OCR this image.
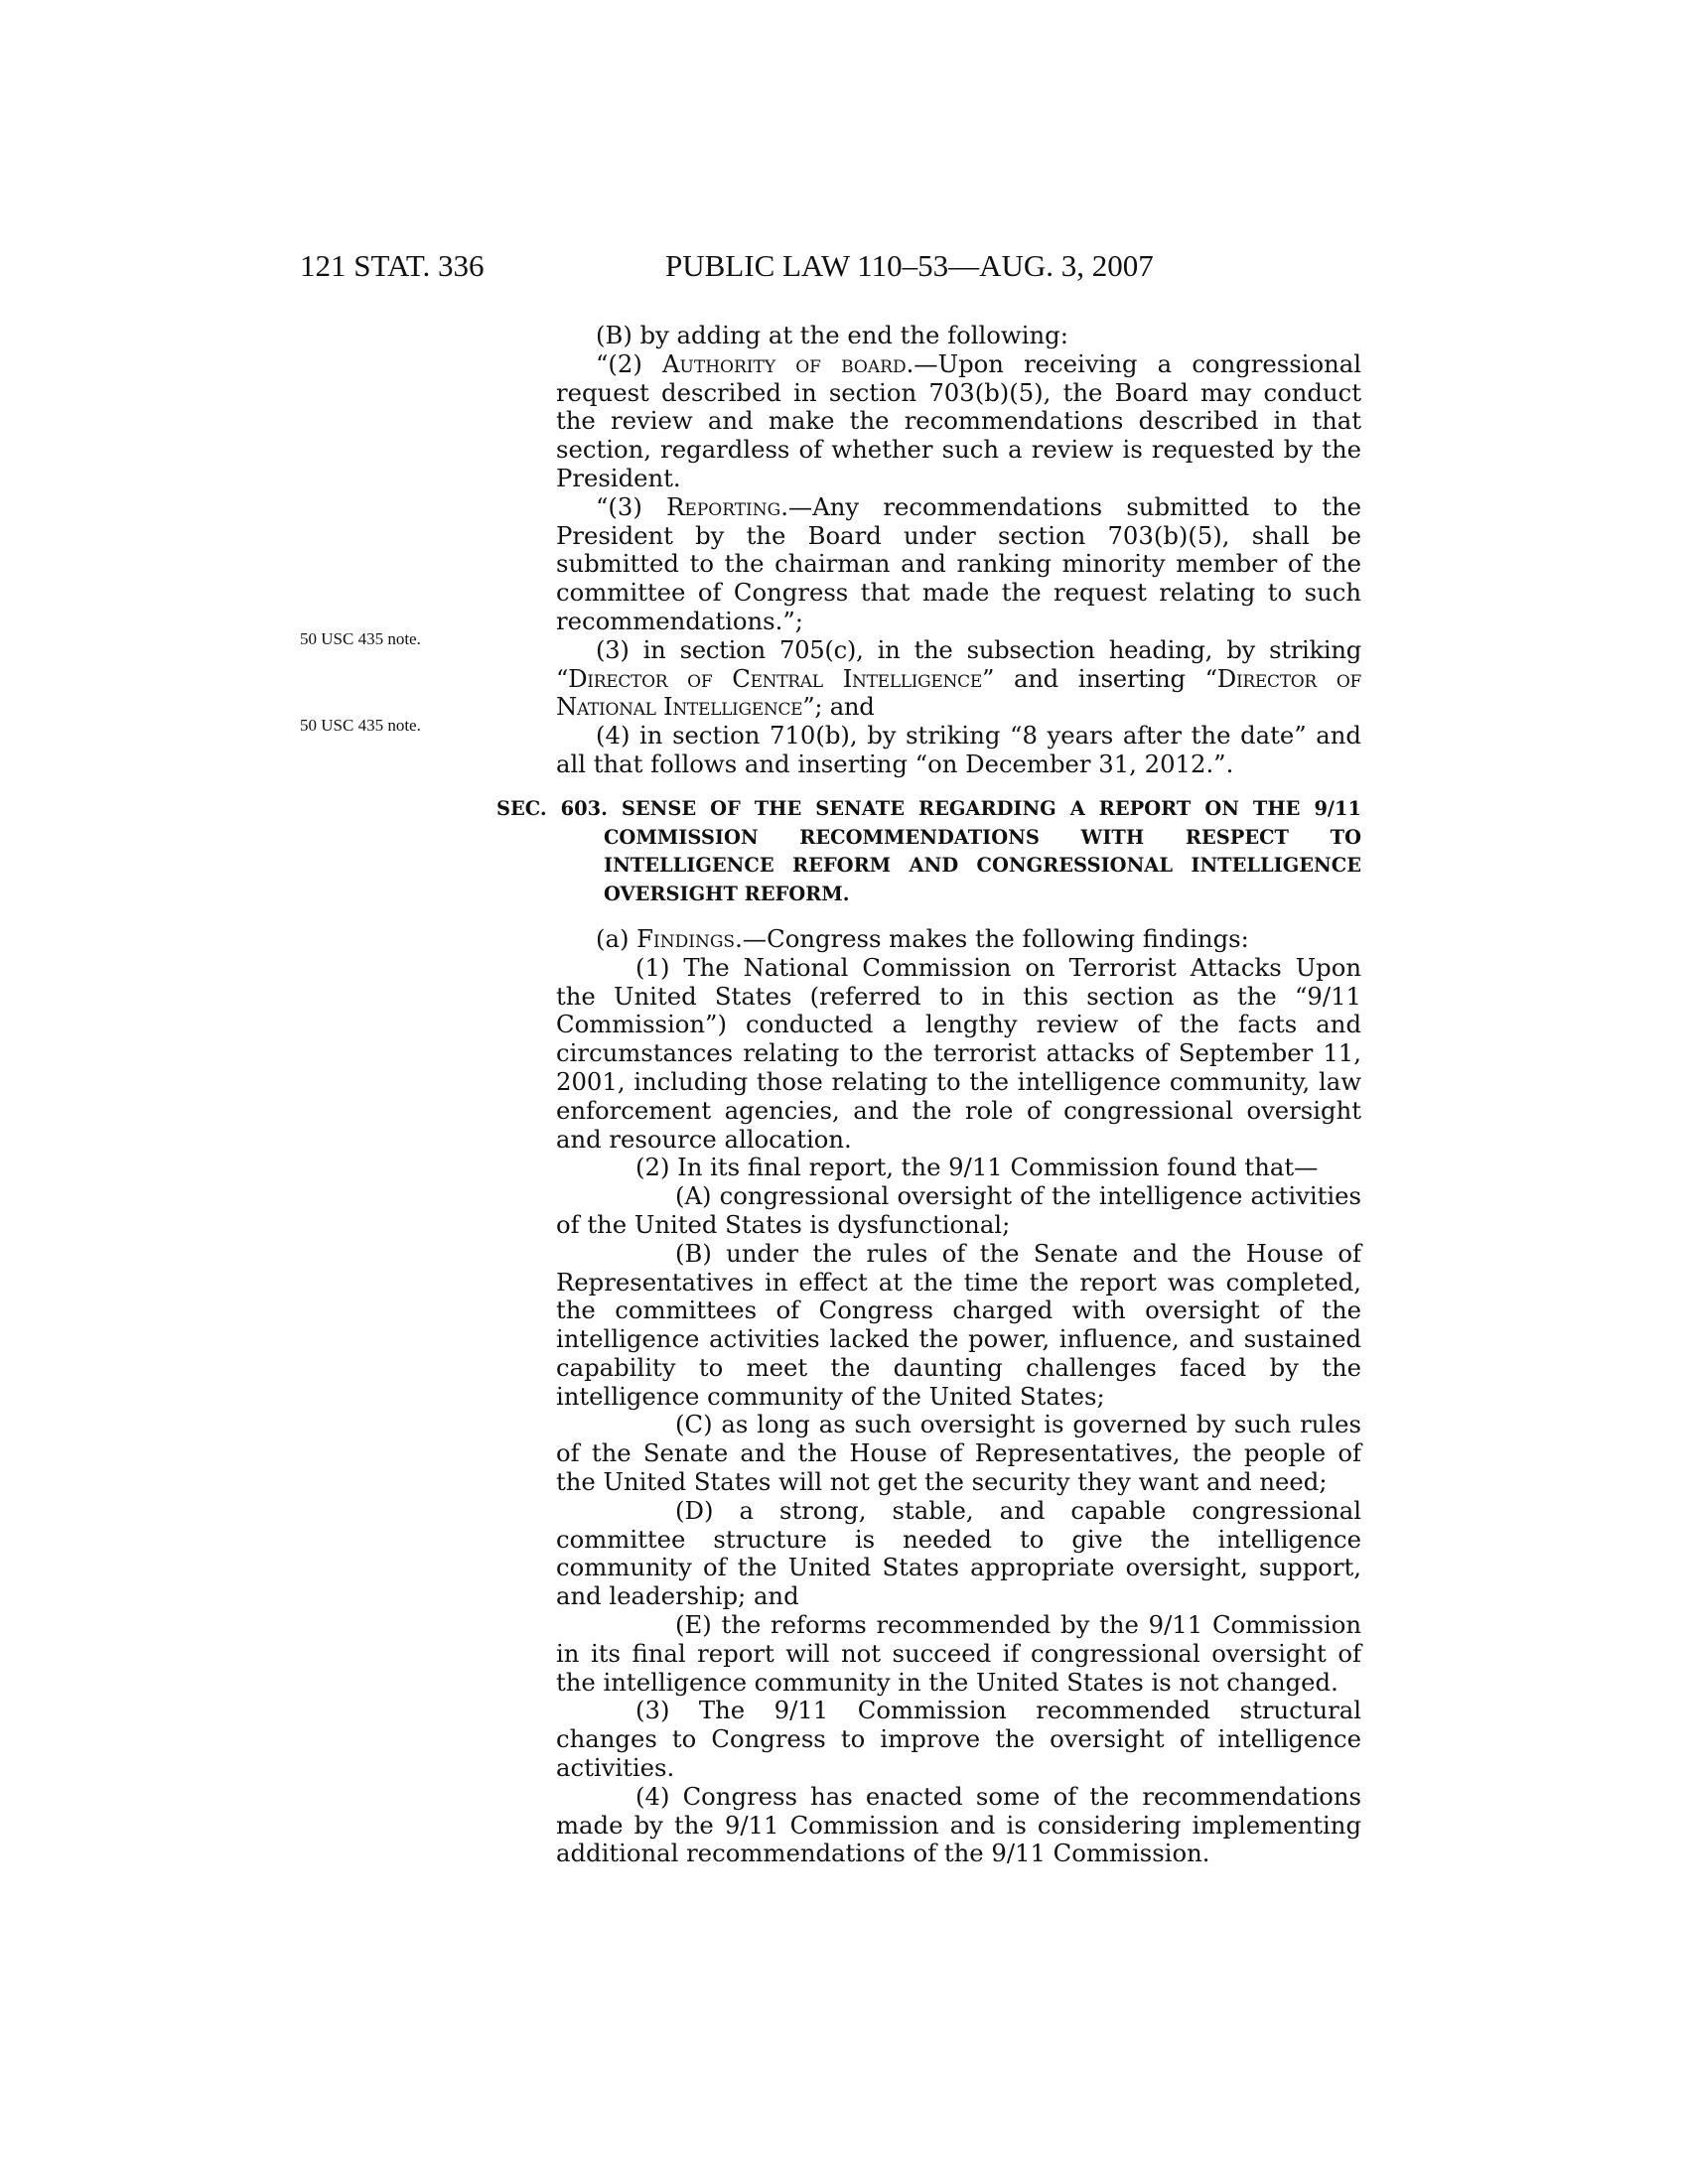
121 STAT. 336	PUBLIC LAW 110–53—AUG. 3, 2007
50 USC 435 note.
50 USC 435 note.

(B) by adding at the end the following:

“(2) Authority of board.—Upon receiving a congressional request described in section 703(b)(5), the Board may conduct the review and make the recommendations described in that section, regardless of whether such a review is requested by the President.

“(3) Reporting.—Any recommendations submitted to the President by the Board under section 703(b)(5), shall be submitted to the chairman and ranking minority member of the committee of Congress that made the request relating to such recommendations.”;

(3) in section 705(c), in the subsection heading, by striking “Director of Central Intelligence” and inserting “Director of National Intelligence”; and

(4) in section 710(b), by striking “8 years after the date” and all that follows and inserting “on December 31, 2012.”.

SEC. 603. SENSE OF THE SENATE REGARDING A REPORT ON THE 9/11 COMMISSION RECOMMENDATIONS WITH RESPECT TO INTELLIGENCE REFORM AND CONGRESSIONAL INTELLIGENCE OVERSIGHT REFORM.

(a) Findings.—Congress makes the following findings:

(1) The National Commission on Terrorist Attacks Upon the United States (referred to in this section as the “9/11 Commission”) conducted a lengthy review of the facts and circumstances relating to the terrorist attacks of September 11, 2001, including those relating to the intelligence community, law enforcement agencies, and the role of congressional oversight and resource allocation.

(2) In its final report, the 9/11 Commission found that—

(A) congressional oversight of the intelligence activities of the United States is dysfunctional;

(B) under the rules of the Senate and the House of Representatives in effect at the time the report was completed, the committees of Congress charged with oversight of the intelligence activities lacked the power, influence, and sustained capability to meet the daunting challenges faced by the intelligence community of the United States;

(C) as long as such oversight is governed by such rules of the Senate and the House of Representatives, the people of the United States will not get the security they want and need;

(D) a strong, stable, and capable congressional committee structure is needed to give the intelligence community of the United States appropriate oversight, support, and leadership; and

(E) the reforms recommended by the 9/11 Commission in its final report will not succeed if congressional oversight of the intelligence community in the United States is not changed.

(3) The 9/11 Commission recommended structural changes to Congress to improve the oversight of intelligence activities.

(4) Congress has enacted some of the recommendations made by the 9/11 Commission and is considering implementing additional recommendations of the 9/11 Commission.
